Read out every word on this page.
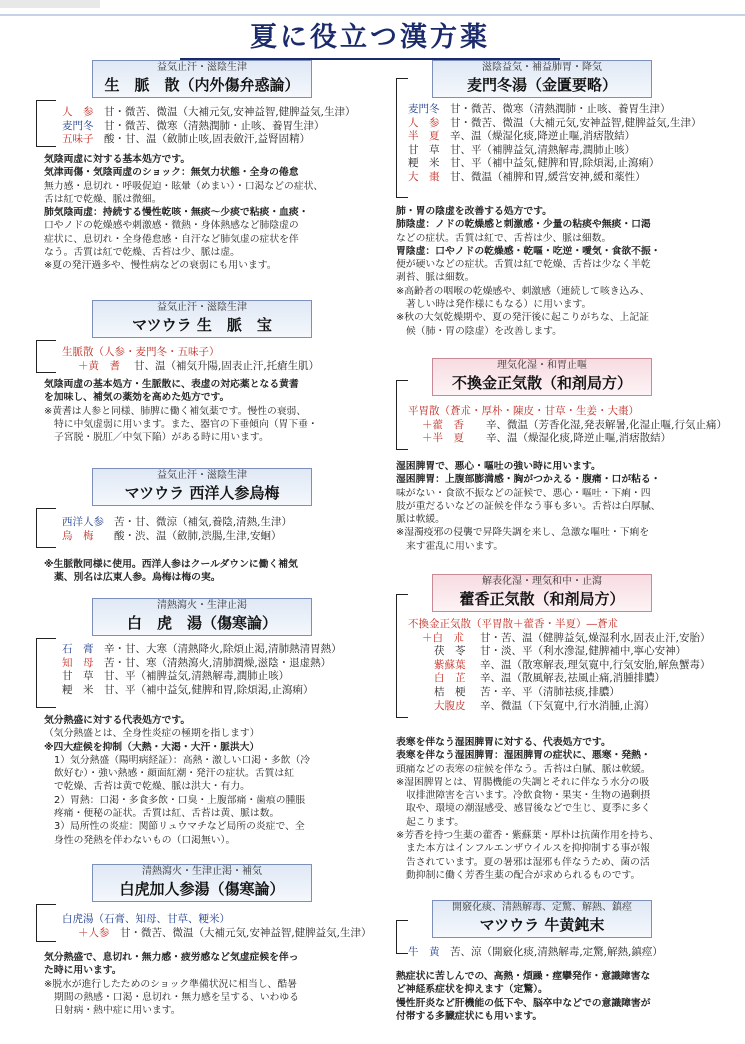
夏に役立つ漢方薬
益気止汗・滋陰生津
生　脈　散（内外傷弁惑論）
人　参 甘・微苦、微温（大補元気,安神益智,健脾益気,生津）
麦門冬 甘・微苦、微寒（清熱潤肺・止咳、養胃生津）
五味子 酸・甘、温（斂肺止咳,固表斂汗,益腎固精）

気陰両虚に対する基本処方です。

気津両傷・気陰両虚のショック：無気力状態・全身の倦怠

無力感・息切れ・呼吸促迫・眩暈（めまい）・口渇などの症状、

舌は紅で乾燥、脈は微細。

肺気陰両虚：持続する慢性乾咳・無痰～少痰で粘痰・血痰・

口やノドの乾燥感や刺激感・微熱・身体熱感など肺陰虚の

症状に、息切れ・全身倦怠感・自汗など肺気虚の症状を伴

なう。舌質は紅で乾燥、舌苔は少、脈は虚。

※夏の発汗過多や、慢性病などの衰弱にも用います。

益気止汗・滋陰生津
マツウラ 生　脈　宝
生脈散（人参・麦門冬・五味子）
＋黄　耆 甘、温（補気升陽,固表止汗,托瘡生肌）

気陰両虚の基本処方・生脈散に、表虚の対応薬となる黄耆

を加味し、補気の薬効を高めた処方です。

※黄耆は人参と同様、肺脾に働く補気薬です。慢性の衰弱、

特に中気虚弱に用います。また、器官の下垂傾向（胃下垂・

子宮脱・脱肛／中気下陥）がある時に用います。

益気止汗・滋陰生津
マツウラ 西洋人参烏梅
西洋人参 苦・甘、微涼（補気,養陰,清熱,生津）
烏　梅 酸・渋、温（斂肺,渋腸,生津,安蛔）

※生脈散同様に使用。西洋人参はクールダウンに働く補気

薬、別名は広東人参。烏梅は梅の実。

清熱瀉火・生津止渇
白　虎　湯（傷寒論）
石　膏 辛・甘、大寒（清熱降火,除煩止渇,清肺熱清胃熱）
知　母 苦・甘、寒（清熱瀉火,清肺潤燥,滋陰・退虚熱）
甘　草 甘、平（補脾益気,清熱解毒,潤肺止咳）
粳　米 甘、平（補中益気,健脾和胃,除煩渇,止瀉痢）

気分熱盛に対する代表処方です。

（気分熱盛とは、全身性炎症の極期を指します）

※四大症候を抑制（大熱・大渇・大汗・脈洪大）

1）気分熱盛（陽明病経証）：高熱・激しい口渇・多飲（冷

飲好む）・強い熱感・顔面紅潮・発汗の症状。舌質は紅

で乾燥、舌苔は黄で乾燥、脈は洪大・有力。

2）胃熱：口渇・多食多飲・口臭・上腹部痛・歯痕の腫脹

疼痛・便秘の証状。舌質は紅、舌苔は黄、脈は数。

3）局所性の炎症：関節リュウマチなど局所の炎症で、全

身性の発熱を伴わないもの（口渇無い）。

清熱瀉火・生津止渇・補気
白虎加人参湯（傷寒論）
白虎湯（石膏、知母、甘草、粳米）
＋人参 甘・微苦、微温（大補元気,安神益智,健脾益気,生津）

気分熱盛で、息切れ・無力感・疲労感など気虚症候を伴っ

た時に用います。

※脱水が進行したためのショック準備状況に相当し、酷暑

期間の熱感・口渇・息切れ・無力感を呈する、いわゆる

日射病・熱中症に用います。

滋陰益気・補益肺胃・降気
麦門冬湯（金匱要略）
麦門冬 甘・微苦、微寒（清熱潤肺・止咳、養胃生津）
人　参 甘・微苦、微温（大補元気,安神益智,健脾益気,生津）
半　夏 辛、温（燥湿化痰,降逆止嘔,消痞散結）
甘　草 甘、平（補脾益気,清熱解毒,潤肺止咳）
粳　米 甘、平（補中益気,健脾和胃,除煩渇,止瀉痢）
大　棗 甘、微温（補脾和胃,緩営安神,緩和薬性）

肺・胃の陰虚を改善する処方です。

肺陰虚：ノドの乾燥感と刺激感・少量の粘痰や無痰・口渇

などの症状。舌質は紅で、舌苔は少、脈は細数。

胃陰虚：口やノドの乾燥感・乾嘔・吃逆・噯気・食欲不振・

便が硬いなどの症状。舌質は紅で乾燥、舌苔は少なく半乾

剥苔、脈は細数。

※高齢者の咽喉の乾燥感や、刺激感（連続して咳き込み、

著しい時は発作様にもなる）に用います。

※秋の大気乾燥期や、夏の発汗後に起こりがちな、上記証

候（肺・胃の陰虚）を改善します。

理気化湿・和胃止嘔
不換金正気散（和剤局方）
平胃散（蒼朮・厚朴・陳皮・甘草・生姜・大棗）
＋藿　香 辛、微温（芳香化湿,発表解暑,化湿止嘔,行気止痛）
＋半　夏 辛、温（燥湿化痰,降逆止嘔,消痞散結）

湿困脾胃で、悪心・嘔吐の強い時に用います。

湿困脾胃：上腹部膨満感・胸がつかえる・腹痛・口が粘る・

味がない・食欲不振などの証候で、悪心・嘔吐・下痢・四

肢が重だるいなどの証候を伴なう事も多い。舌苔は白厚膩、

脈は軟緩。

※湿濁疫邪の侵襲で昇降失調を来し、急激な嘔吐・下痢を

来す霍乱に用います。

解表化湿・理気和中・止瀉
藿香正気散（和剤局方）
不換金正気散（平胃散＋藿香・半夏）―蒼朮
＋白　朮 甘・苦、温（健脾益気,燥湿利水,固表止汗,安胎）
茯　苓 甘・淡、平（利水滲湿,健脾補中,寧心安神）
紫蘇葉 辛、温（散寒解表,理気寛中,行気安胎,解魚蟹毒）
白　芷 辛、温（散風解表,祛風止痛,消腫排膿）
桔　梗 苦・辛、平（清肺祛痰,排膿）
大腹皮 辛、微温（下気寛中,行水消腫,止瀉）

表寒を伴なう湿困脾胃に対する、代表処方です。

表寒を伴なう湿困脾胃：湿困脾胃の症状に、悪寒・発熱・

頭痛などの表寒の症候を伴なう。舌苔は白膩、脈は軟緩。

※湿困脾胃とは、胃腸機能の失調とそれに伴なう水分の吸

収排泄障害を言います。冷飲食物・果実・生物の過剰摂

取や、環境の潮湿感受、感冒後などで生じ、夏季に多く

起こります。

※芳香を持つ生薬の藿香・紫蘇葉・厚朴は抗菌作用を持ち、

また本方はインフルエンザウイルスを抑抑制する事が報

告されています。夏の暑邪は湿邪も伴なうため、菌の活

動抑制に働く芳香生薬の配合が求められるものです。

開竅化痰、清熱解毒、定驚、解熱、鎮痙
マツウラ 牛黄鈍末
牛　黄 苦、涼（開竅化痰,清熱解毒,定驚,解熱,鎮痙）

熱症状に苦しんでの、高熱・煩躁・痙攣発作・意識障害な

ど神経系症状を抑えます（定驚）。

慢性肝炎など肝機能の低下や、脳卒中などでの意識障害が

付帯する多臓症状にも用います。
